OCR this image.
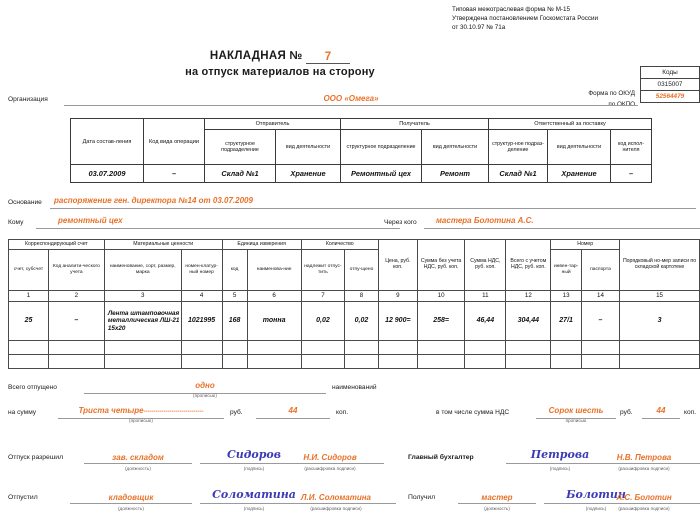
Типовая межотраслевая форма № М-15
Утверждена постановлением Госкомстата России
от 30.10.97 № 71а
НАКЛАДНАЯ № 7
на отпуск материалов на сторону
Форма по ОКУД
по ОКПО
Коды
0315007
52564479
Организация	ООО «Омега»
Дата состав-ления	Код вида операции	Отправитель		Получатель		Ответственный за поставку		
		структурное подразделение	вид деятельности	структурное подразделение	вид деятельности	структур-ное подраз-деление	вид деятельности	код испол-нителя
03.07.2009	–	Склад №1	Хранение	Ремонтный цех	Ремонт	Склад №1	Хранение	–
Основание	распоряжение ген. директора №14 от 03.07.2009
Кому	ремонтный цех	Через кого	мастера Болотина А.С.
Корреспондирующий счет		Материальные ценности		Единица измерения		Количество		Цена, руб. коп.	Сумма без учета НДС, руб. коп.	Сумма НДС, руб. коп.	Всего с учетом НДС, руб. коп.	Номер		Порядковый но-мер записи по складской картотеке
счет, субсчет	Код аналити-ческого учета	наименование, сорт, размер, марка	номен-клатур-ный номер	код	наименова-ние	надлежит отпус-тить	отпу-щено					инвен-тар-ный	паспорта	
1	2	3	4	5	6	7	8	9	10	11	12	13	14	15
25	–	Лента штамповочная металлическая ЛШ-21 15х20	1021995	168	тонна	0,02	0,02	12 900=	258=	46,44	304,44	27/1	–	3

Всего отпущено	одно
(прописью)
наименований
на сумму	Триста четыре------------------------------
(прописью)
руб.	44	коп.	в том числе сумма НДС	Сорок шесть
прописью
руб.	44	коп.
Отпуск разрешил	зав. складом
(должность)
Сидоров
(подпись)
Н.И. Сидоров
(расшифровка подписи)
Отпустил	кладовщик
(должность)
Соломатина
(подпись)
Л.И. Соломатина
(расшифровка подписи)
Главный бухгалтер	Петрова
(подпись)
Н.В. Петрова
(расшифровка подписи)
Получил	мастер
(должность)
Болотин
(подпись)
А.С. Болотин
(расшифровка подписи)
